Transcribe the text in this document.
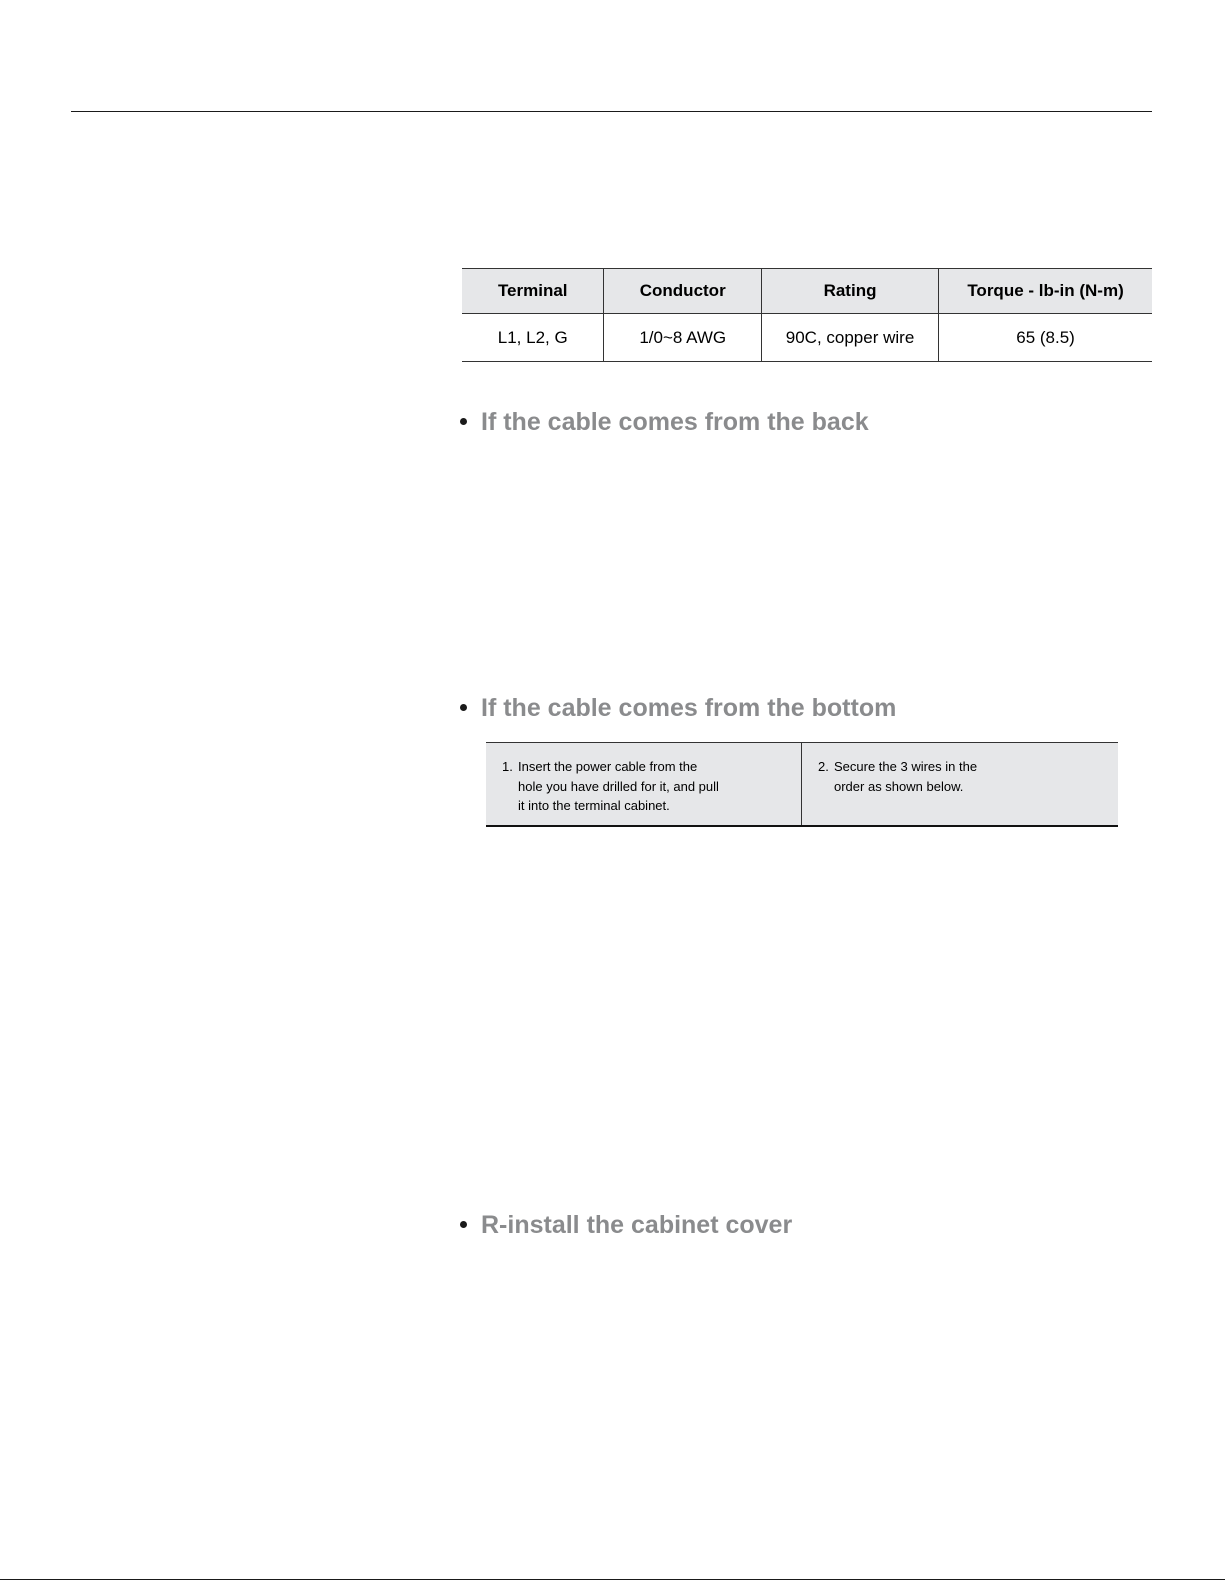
Terminal	Conductor	Rating	Torque - lb-in (N-m)
L1, L2, G	1/0~8 AWG	90C, copper wire	65 (8.5)
If the cable comes from the back
If the cable comes from the bottom
1. Insert the power cable from the
hole you have drilled for it, and pull
it into the terminal cabinet.
2. Secure the 3 wires in the
order as shown below.
R-install the cabinet cover
